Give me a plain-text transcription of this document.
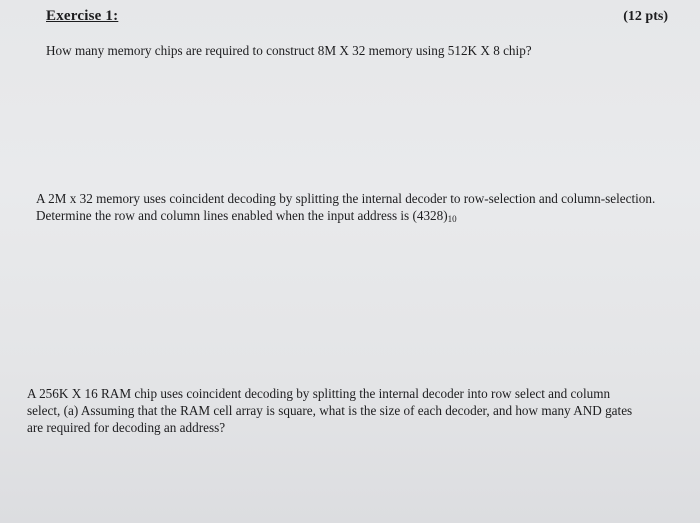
Exercise 1:	(12 pts)
How many memory chips are required to construct 8M X 32 memory using 512K X 8 chip?
A 2M x 32 memory uses coincident decoding by splitting the internal decoder to row-selection and column-selection.
Determine the row and column lines enabled when the input address is (4328)10
A 256K X 16 RAM chip uses coincident decoding by splitting the internal decoder into row select and column
select, (a) Assuming that the RAM cell array is square, what is the size of each decoder, and how many AND gates
are required for decoding an address?
